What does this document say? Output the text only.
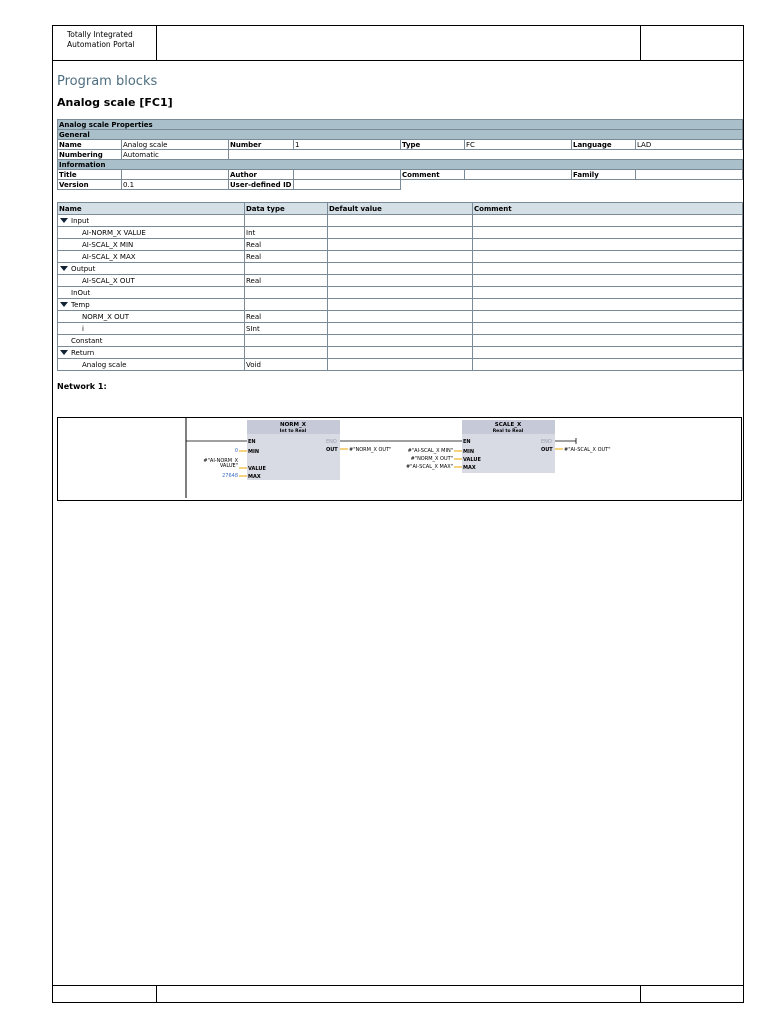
Totally Integrated
Automation Portal
Program blocks
Analog scale [FC1]
Analog scale Properties							
General							
Name	Analog scale	Number	1	Type	FC	Language	LAD
Numbering	Automatic						
Information							
Title		Author		Comment		Family	
Version	0.1	User-defined ID					
Name	Data type	Default value	Comment
Input			
AI-NORM_X VALUE	Int		
AI-SCAL_X MIN	Real		
AI-SCAL_X MAX	Real		
Output			
AI-SCAL_X OUT	Real		
InOut			
Temp			
NORM_X OUT	Real		
i	SInt		
Constant			
Return			
Analog scale	Void		
Network 1:
NORM_X
Int to Real
EN	ENO
MIN
VALUE
MAX
OUT
0
#"AI-NORM_X
VALUE"
27648
#"NORM_X OUT"
SCALE_X
Real to Real
EN	ENO
MIN
VALUE
MAX
OUT
#"AI-SCAL_X MIN"
#"NORM_X OUT"
#"AI-SCAL_X MAX"
#"AI-SCAL_X OUT"
